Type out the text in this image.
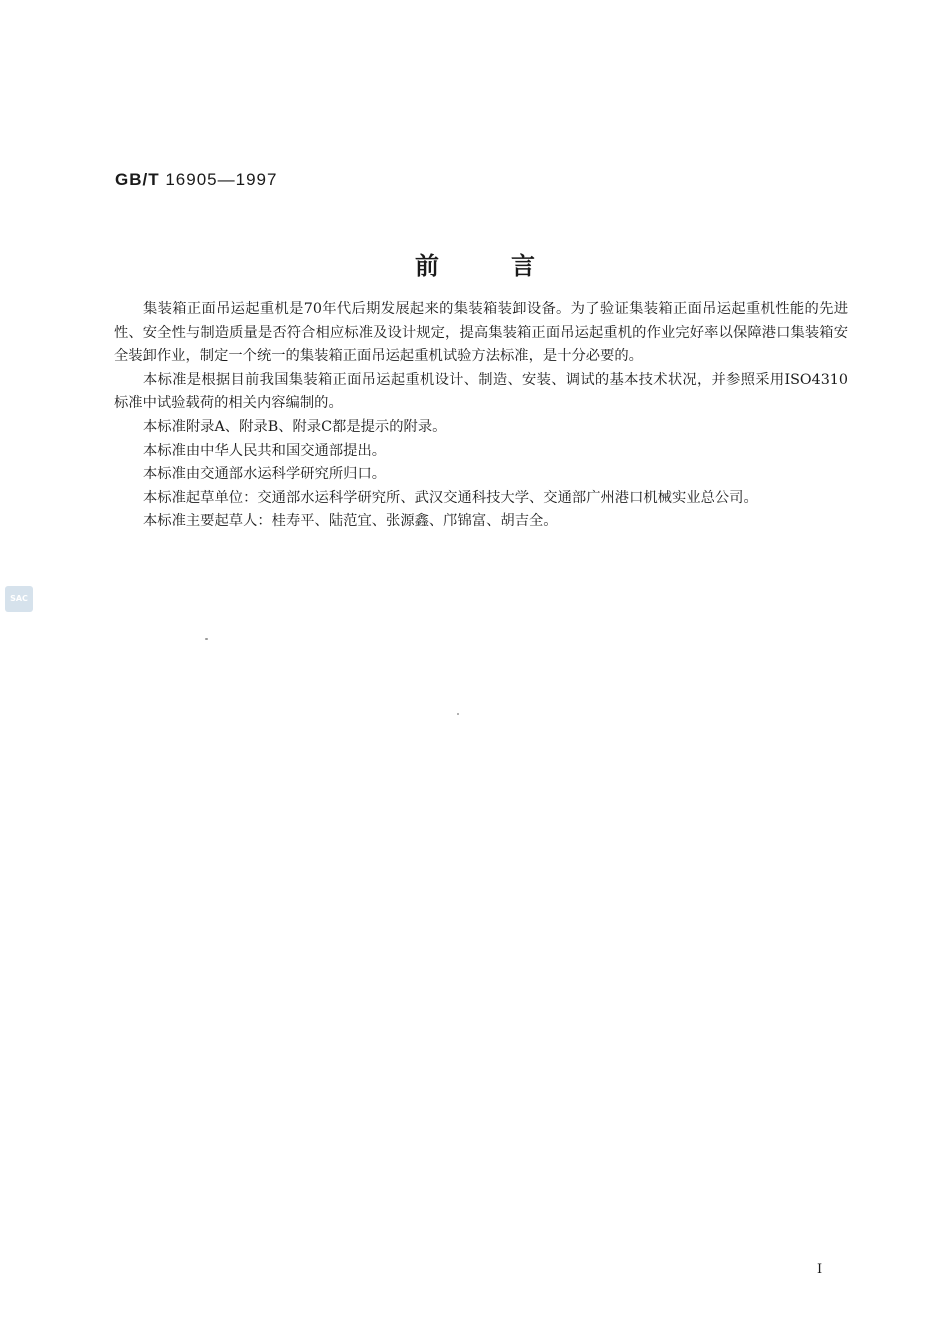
GB/T 16905—1997
前言

集装箱正面吊运起重机是70年代后期发展起来的集装箱装卸设备。为了验证集装箱正面吊运起重机性能的先进性、安全性与制造质量是否符合相应标准及设计规定，提高集装箱正面吊运起重机的作业完好率以保障港口集装箱安全装卸作业，制定一个统一的集装箱正面吊运起重机试验方法标准，是十分必要的。

本标准是根据目前我国集装箱正面吊运起重机设计、制造、安装、调试的基本技术状况，并参照采用ISO4310 标准中试验载荷的相关内容编制的。

本标准附录A、附录B、附录C都是提示的附录。

本标准由中华人民共和国交通部提出。

本标准由交通部水运科学研究所归口。

本标准起草单位：交通部水运科学研究所、武汉交通科技大学、交通部广州港口机械实业总公司。

本标准主要起草人：桂寿平、陆范宜、张源鑫、邝锦富、胡吉全。

SAC
I
